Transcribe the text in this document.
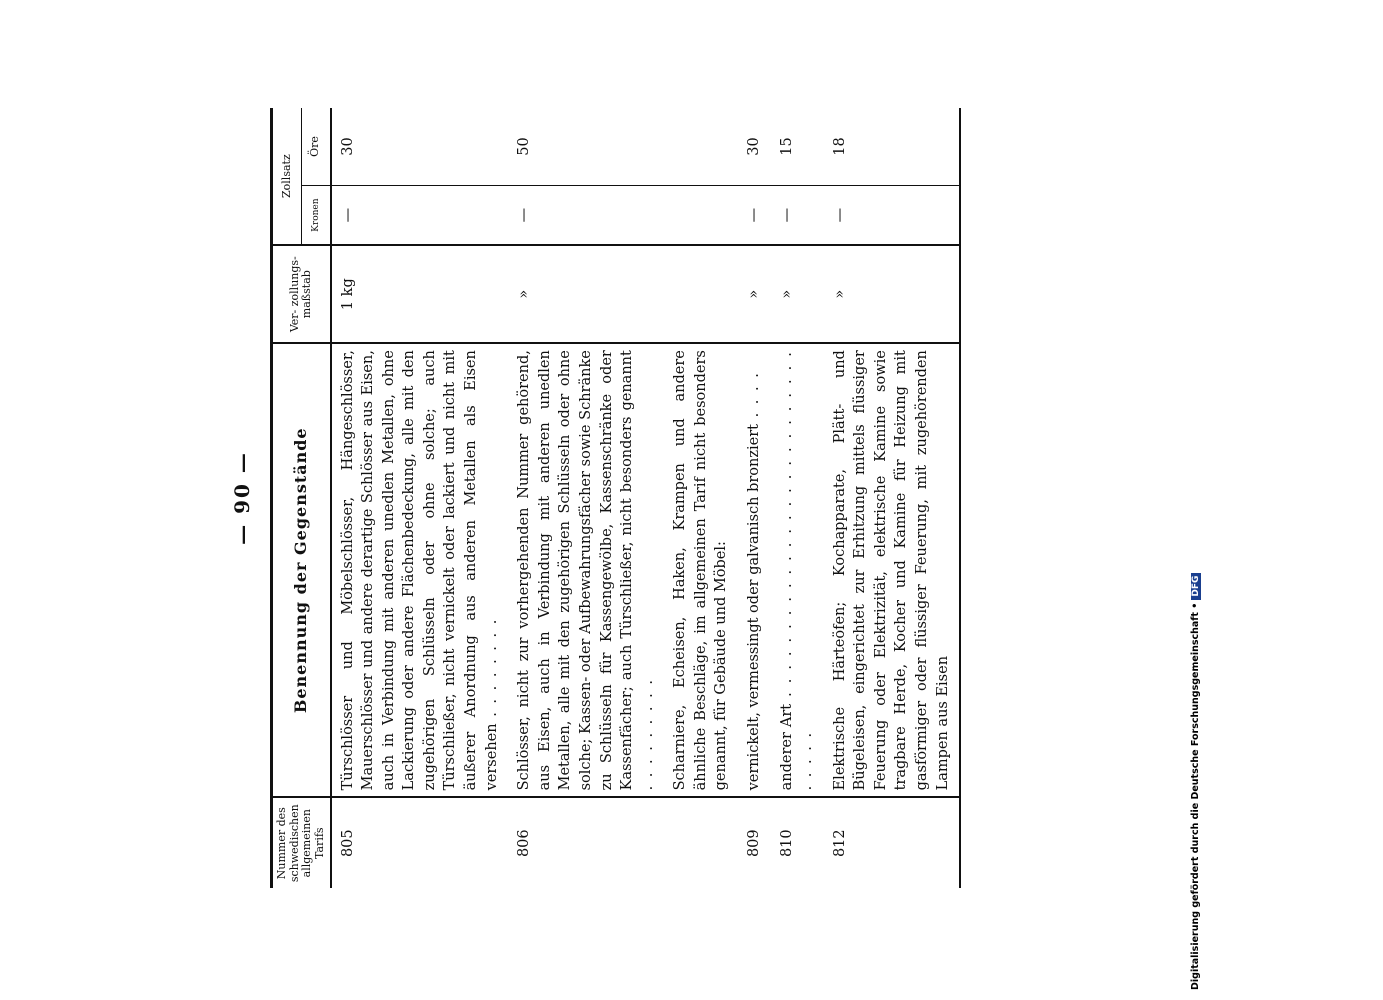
— 90 —
Nummer des schwedischen allgemeinen Tarifs	Benennung der Gegenstände	Ver- zollungs- maßstab	Zollsatz	
			Kronen	Öre
805	Türschlösser und Möbelschlösser, Hängeschlösser, Mauerschlösser und andere derartige Schlösser aus Eisen, auch in Verbindung mit anderen unedlen Metallen, ohne Lackierung oder andere Flächenbedeckung, alle mit den zugehörigen Schlüsseln oder ohne solche; auch Türschließer, nicht vernickelt oder lackiert und nicht mit äußerer Anordnung aus anderen Metallen als Eisen versehen . . . . . . . .	1 kg	—	30
806	Schlösser, nicht zur vorhergehenden Nummer gehörend, aus Eisen, auch in Verbindung mit anderen unedlen Metallen, alle mit den zugehörigen Schlüsseln oder ohne solche; Kassen- oder Aufbewahrungsfächer sowie Schränke zu Schlüsseln für Kassengewölbe, Kassenschränke oder Kassenfächer; auch Türschließer, nicht besonders genannt . . . . . . . . .	»	—	50
	Scharniere, Echeisen, Haken, Krampen und andere ähnliche Beschläge, im allgemeinen Tarif nicht besonders genannt, für Gebäude und Möbel:			
809	vernickelt, vermessingt oder galvanisch bronziert . . . .	»	—	30
810	anderer Art . . . . . . . . . . . . . . . . . . . . . . . . . . . . . . .	»	—	15
812	Elektrische Härteöfen; Kochapparate, Plätt- und Bügeleisen, eingerichtet zur Erhitzung mittels flüssiger Feuerung oder Elektrizität, elektrische Kamine sowie tragbare Herde, Kocher und Kamine für Heizung mit gasförmiger oder flüssiger Feuerung, mit zugehörenden Lampen aus Eisen	»	—	18
Digitalisierung gefördert durch die Deutsche Forschungsgemeinschaft •DFG
